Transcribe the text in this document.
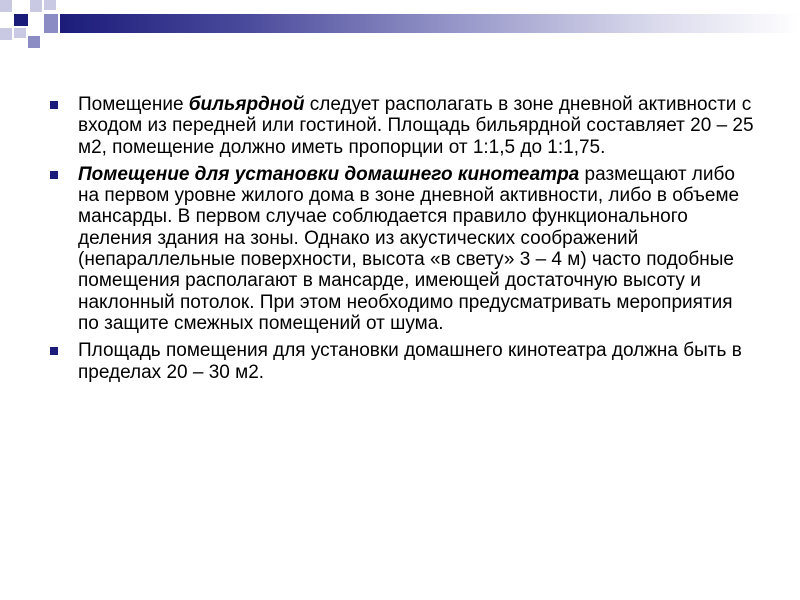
Помещение бильярдной следует располагать в зоне дневной активности с входом из передней или гостиной. Площадь бильярдной составляет 20 – 25 м2, помещение должно иметь пропорции от 1:1,5 до 1:1,75.
Помещение для установки домашнего кинотеатра размещают либо на первом уровне жилого дома в зоне дневной активности, либо в объеме мансарды. В первом случае соблюдается правило функционального деления здания на зоны. Однако из акустических соображений (непараллельные поверхности, высота «в свету» 3 – 4 м) часто подобные помещения располагают в мансарде, имеющей достаточную высоту и наклонный потолок. При этом необходимо предусматривать мероприятия по защите смежных помещений от шума.
Площадь помещения для установки домашнего кинотеатра должна быть в пределах 20 – 30 м2.
